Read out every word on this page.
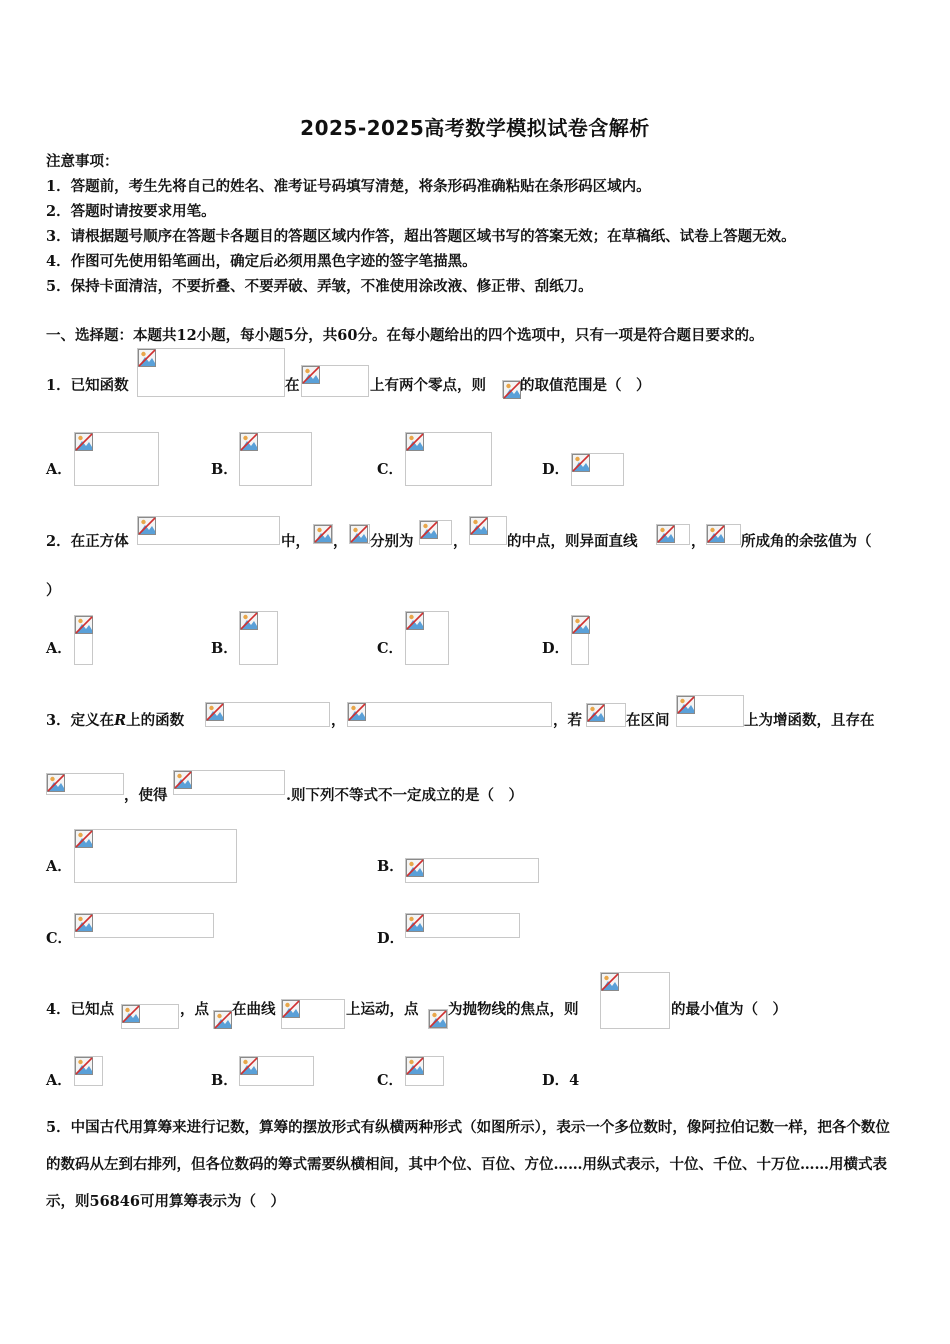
2025-2025高考数学模拟试卷含解析
注意事项：
1．答题前，考生先将自己的姓名、准考证号码填写清楚，将条形码准确粘贴在条形码区域内。
2．答题时请按要求用笔。
3．请根据题号顺序在答题卡各题目的答题区域内作答，超出答题区域书写的答案无效；在草稿纸、试卷上答题无效。
4．作图可先使用铅笔画出，确定后必须用黑色字迹的签字笔描黑。
5．保持卡面清洁，不要折叠、不要弄破、弄皱，不准使用涂改液、修正带、刮纸刀。
一、选择题：本题共12小题，每小题5分，共60分。在每小题给出的四个选项中，只有一项是符合题目要求的。
1．已知函数	在	上有两个零点，则 的取值范围是（　）
A．	B．	C．	D．
2．在正方体	中， ， 分别为	，	的中点，则异面直线	， 所成角的余弦值为（
）
A．	B．	C．	D．
3．定义在R上的函数	，	，若	在区间	上为增函数，且存在
，使得	.则下列不等式不一定成立的是（　）
A．	B．
C．	D．
4．已知点	，点 在曲线	上运动，点 为抛物线的焦点，则	的最小值为（　）
A．	B．	C．	D．4
5．中国古代用算筹来进行记数，算筹的摆放形式有纵横两种形式（如图所示），表示一个多位数时，像阿拉伯记数一样，把各个数位的数码从左到右排列，但各位数码的筹式需要纵横相间，其中个位、百位、方位……用纵式表示，十位、千位、十万位……用横式表示，则56846可用算筹表示为（　）
